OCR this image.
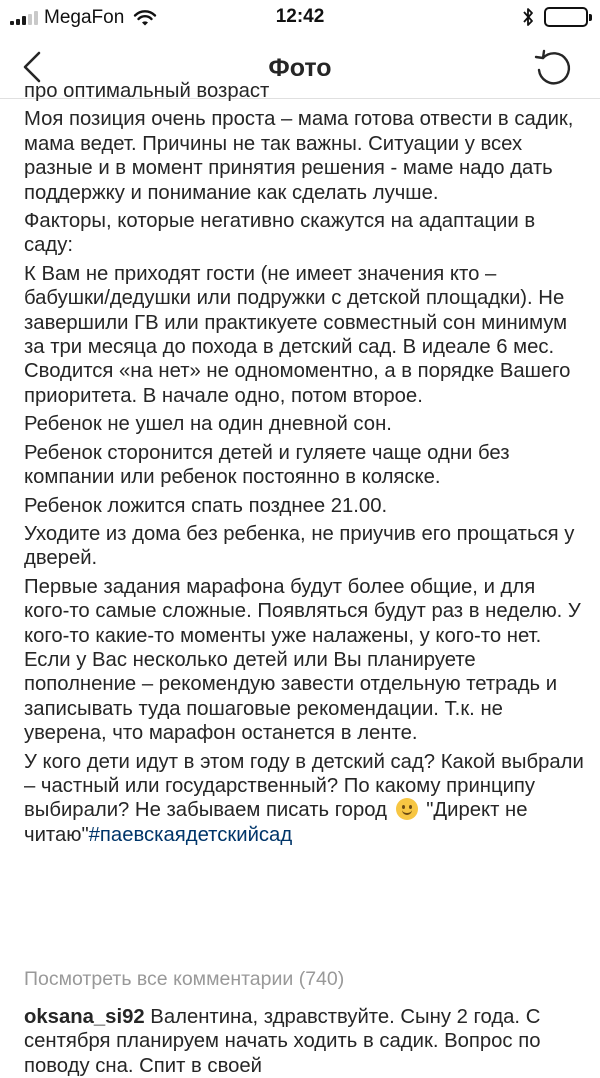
MegaFon	12:42
Фото

про оптимальный возраст

Моя позиция очень проста – мама готова отвести в садик, мама ведет. Причины не так важны. Ситуации у всех разные и в момент принятия решения - маме надо дать поддержку и понимание как сделать лучше.

Факторы, которые негативно скажутся на адаптации в саду:

К Вам не приходят гости (не имеет значения кто – бабушки/дедушки или подружки с детской площадки). Не завершили ГВ или практикуете совместный сон минимум за три месяца до похода в детский сад. В идеале 6 мес. Сводится «на нет» не одномоментно, а в порядке Вашего приоритета. В начале одно, потом второе.

Ребенок не ушел на один дневной сон.

Ребенок сторонится детей и гуляете чаще одни без компании или ребенок постоянно в коляске.

Ребенок ложится спать позднее 21.00.

Уходите из дома без ребенка, не приучив его прощаться у дверей.

Первые задания марафона будут более общие, и для кого-то самые сложные. Появляться будут раз в неделю. У кого-то какие-то моменты уже налажены, у кого-то нет. Если у Вас несколько детей или Вы планируете пополнение – рекомендую завести отдельную тетрадь и записывать туда пошаговые рекомендации. Т.к. не уверена, что марафон останется в ленте.

У кого дети идут в этом году в детский сад? Какой выбрали – частный или государственный? По какому принципу выбирали? Не забываем писать город "Директ не читаю"#паевскаядетскийсад

Посмотреть все комментарии (740)
oksana_si92 Валентина, здравствуйте. Сыну 2 года. С сентября планируем начать ходить в садик. Вопрос по поводу сна. Спит в своей
